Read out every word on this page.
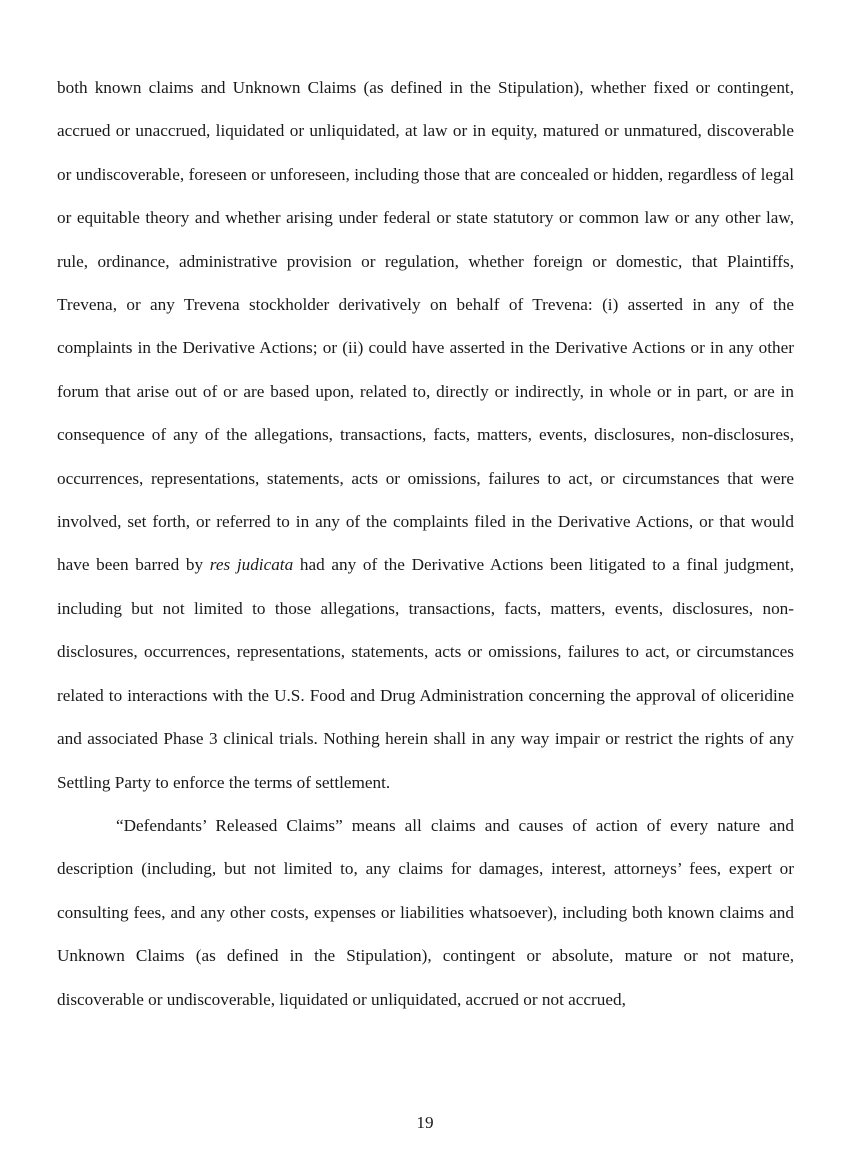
both known claims and Unknown Claims (as defined in the Stipulation), whether fixed or contingent, accrued or unaccrued, liquidated or unliquidated, at law or in equity, matured or unmatured, discoverable or undiscoverable, foreseen or unforeseen, including those that are concealed or hidden, regardless of legal or equitable theory and whether arising under federal or state statutory or common law or any other law, rule, ordinance, administrative provision or regulation, whether foreign or domestic, that Plaintiffs, Trevena, or any Trevena stockholder derivatively on behalf of Trevena: (i) asserted in any of the complaints in the Derivative Actions; or (ii) could have asserted in the Derivative Actions or in any other forum that arise out of or are based upon, related to, directly or indirectly, in whole or in part, or are in consequence of any of the allegations, transactions, facts, matters, events, disclosures, non-disclosures, occurrences, representations, statements, acts or omissions, failures to act, or circumstances that were involved, set forth, or referred to in any of the complaints filed in the Derivative Actions, or that would have been barred by res judicata had any of the Derivative Actions been litigated to a final judgment, including but not limited to those allegations, transactions, facts, matters, events, disclosures, non-disclosures, occurrences, representations, statements, acts or omissions, failures to act, or circumstances related to interactions with the U.S. Food and Drug Administration concerning the approval of oliceridine and associated Phase 3 clinical trials. Nothing herein shall in any way impair or restrict the rights of any Settling Party to enforce the terms of settlement.

“Defendants’ Released Claims” means all claims and causes of action of every nature and description (including, but not limited to, any claims for damages, interest, attorneys’ fees, expert or consulting fees, and any other costs, expenses or liabilities whatsoever), including both known claims and Unknown Claims (as defined in the Stipulation), contingent or absolute, mature or not mature, discoverable or undiscoverable, liquidated or unliquidated, accrued or not accrued,

19
